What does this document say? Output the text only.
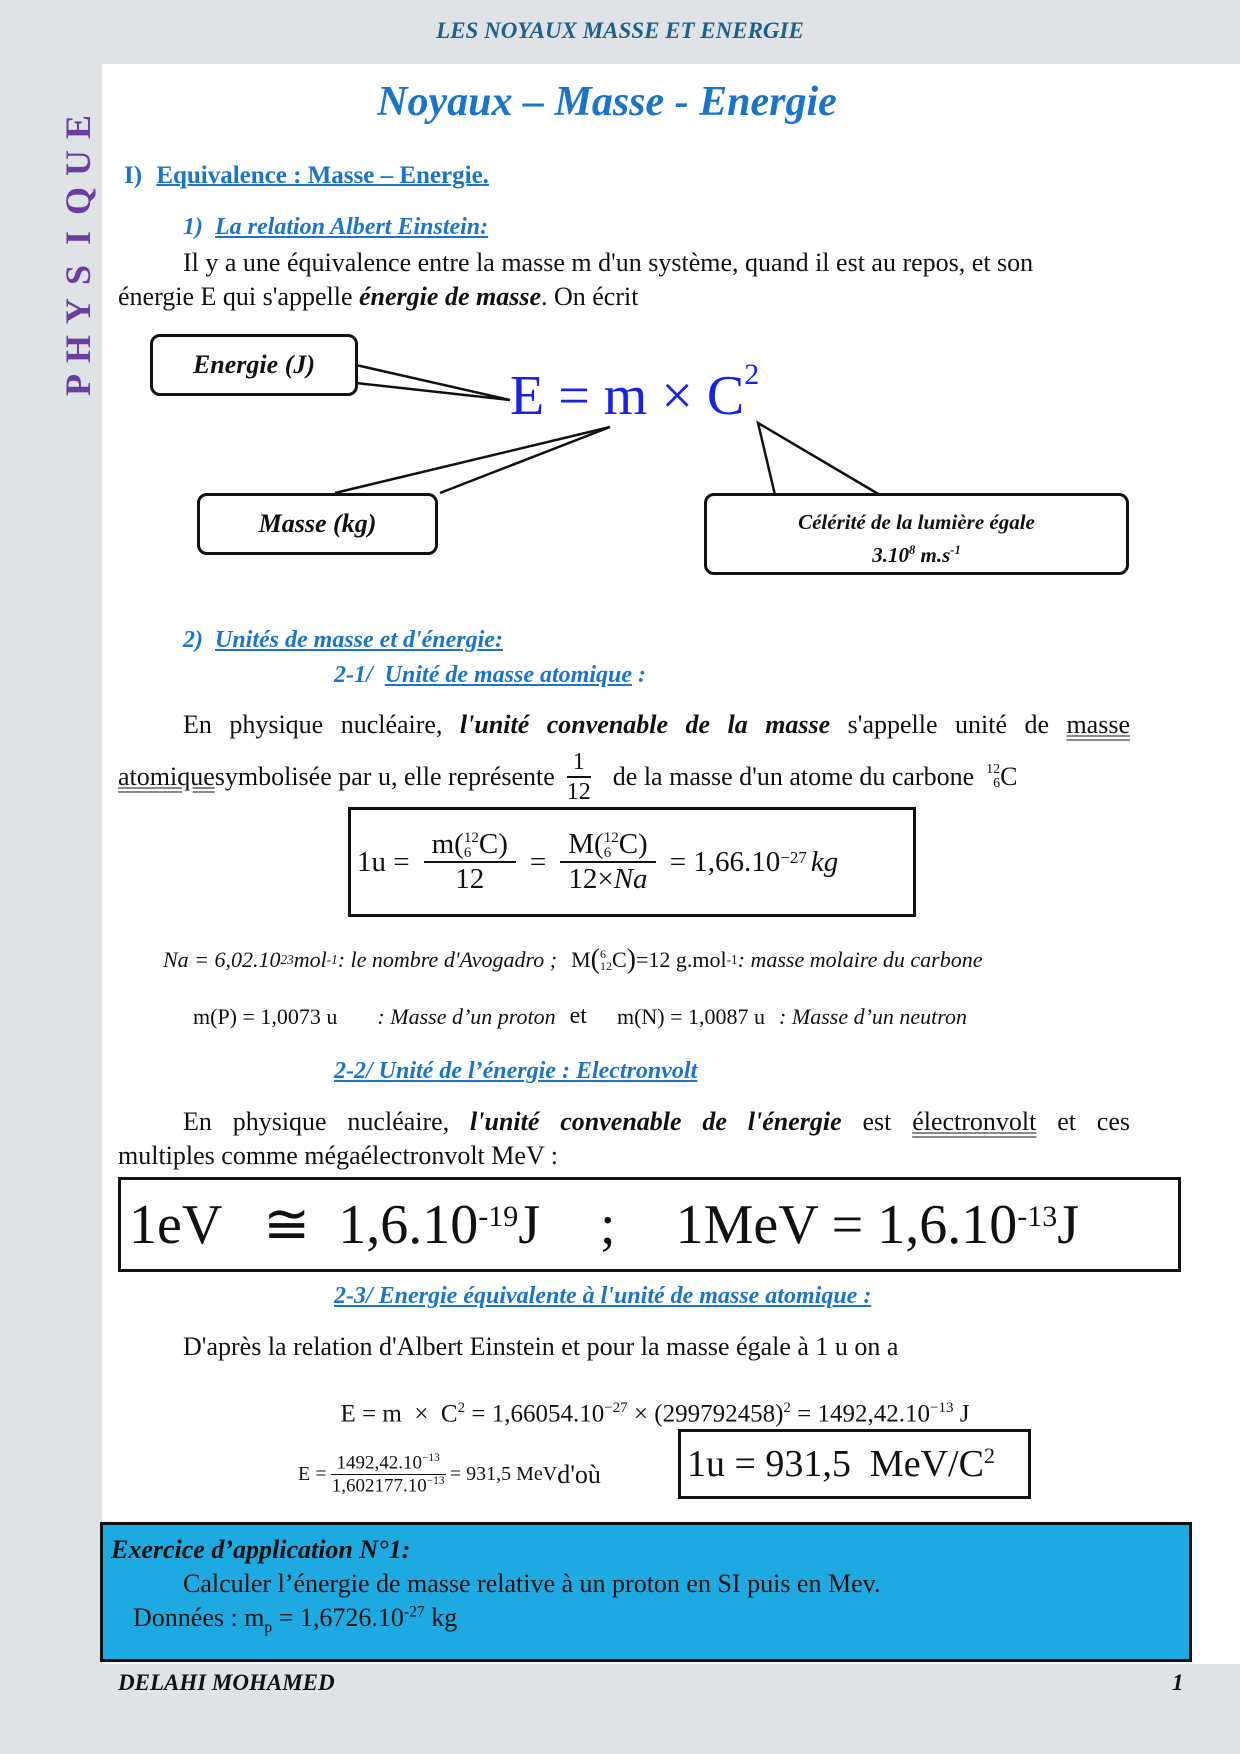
LES NOYAUX MASSE ET ENERGIE
E
U
Q
I
S
Y
H
P
Noyaux – Masse - Energie
I) Equivalence : Masse – Energie.
1) La relation Albert Einstein:
Il y a une équivalence entre la masse m d'un système, quand il est au repos, et son
énergie E qui s'appelle énergie de masse. On écrit
Energie (J)
Masse (kg)	Célérité de la lumière égale
3.10$^8$ $m.s^{-1}$
$E = m \times C^2$
2) Unités de masse et d'énergie:
2-1/ Unité de masse atomique :
En physique nucléaire, l'unité convenable de la masse s'appelle unité de masse
atomique symbolisée par u, elle représente $\frac{1}{12}$ de la masse d'un atome du carbone 12
6 C
1u = m( 12
6 C)
12 = M( 12
6 C)
$12\times Na = 1,66.10^{-27}$ kg
Na = 6,02.10 23 mol -1 : le nombre d'Avogadro ; M ( 6
12 C ) =12 g.mol -1 : masse molaire du carbone
m(P) = 1,0073 u : Masse d’un proton et m(N) = 1,0087 u : Masse d’un neutron
2-2/ Unité de l’énergie : Electronvolt
En physique nucléaire, l'unité convenable de l'énergie est électronvolt et ces
multiples comme mégaélectronvolt MeV :
1eV   ≅  $1,6.10^{-19}$ J ; $1MeV = 1,6.10^{-13}$ J
2-3/ Energie équivalente à l'unité de masse atomique :
D'après la relation d'Albert Einstein et pour la masse égale à 1 u on a

$E = m \times C^2 = 1,66054.10^{-27} \times (299792458)^2 = 1492,42.10^{-13}$ J

$E = \frac{1492,42.10^{-13}}{1,602177.10^{-13}} = 931,5$ MeV d'où 1u = 931,5  MeV/$C^2$
Exercice d’application N°1:
Calculer l’énergie de masse relative à un proton en SI puis en Mev.
Données : $m_p = 1,6726.10^{-27}$ kg
DELAHI MOHAMED	1
